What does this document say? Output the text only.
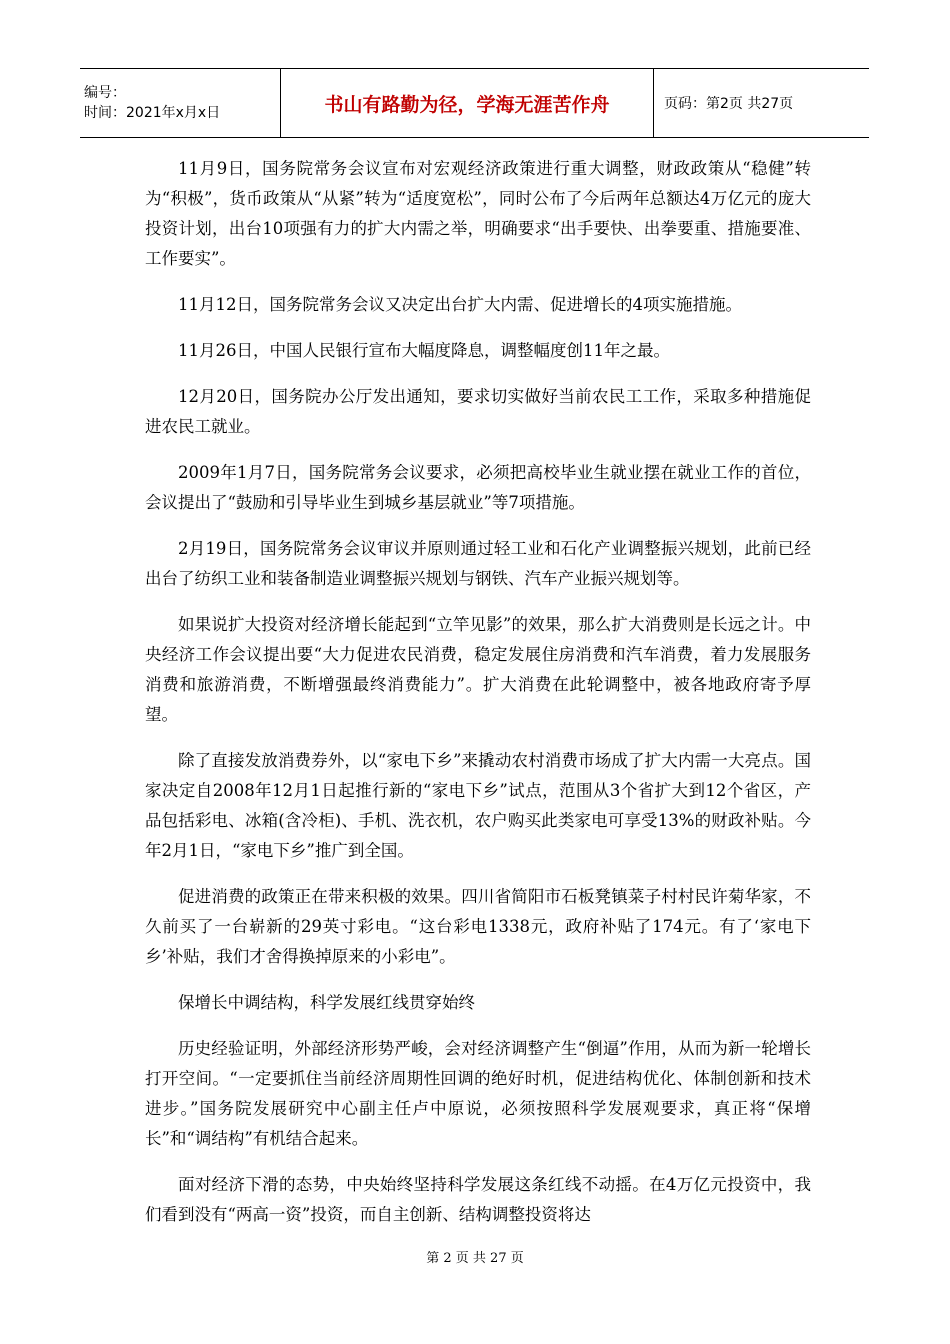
编号：
时间：2021年x月x日	书山有路勤为径，学海无涯苦作舟	页码：第2页 共27页

11月9日，国务院常务会议宣布对宏观经济政策进行重大调整，财政政策从“稳健”转为“积极”，货币政策从“从紧”转为“适度宽松”，同时公布了今后两年总额达4万亿元的庞大投资计划，出台10项强有力的扩大内需之举，明确要求“出手要快、出拳要重、措施要准、工作要实”。

11月12日，国务院常务会议又决定出台扩大内需、促进增长的4项实施措施。

11月26日，中国人民银行宣布大幅度降息，调整幅度创11年之最。

12月20日，国务院办公厅发出通知，要求切实做好当前农民工工作，采取多种措施促进农民工就业。

2009年1月7日，国务院常务会议要求，必须把高校毕业生就业摆在就业工作的首位，会议提出了“鼓励和引导毕业生到城乡基层就业”等7项措施。

2月19日，国务院常务会议审议并原则通过轻工业和石化产业调整振兴规划，此前已经出台了纺织工业和装备制造业调整振兴规划与钢铁、汽车产业振兴规划等。

如果说扩大投资对经济增长能起到“立竿见影”的效果，那么扩大消费则是长远之计。中央经济工作会议提出要“大力促进农民消费，稳定发展住房消费和汽车消费，着力发展服务消费和旅游消费，不断增强最终消费能力”。扩大消费在此轮调整中，被各地政府寄予厚望。

除了直接发放消费券外，以“家电下乡”来撬动农村消费市场成了扩大内需一大亮点。国家决定自2008年12月1日起推行新的“家电下乡”试点，范围从3个省扩大到12个省区，产品包括彩电、冰箱(含冷柜)、手机、洗衣机，农户购买此类家电可享受13%的财政补贴。今年2月1日，“家电下乡”推广到全国。

促进消费的政策正在带来积极的效果。四川省简阳市石板凳镇菜子村村民许菊华家，不久前买了一台崭新的29英寸彩电。“这台彩电1338元，政府补贴了174元。有了‘家电下乡’补贴，我们才舍得换掉原来的小彩电”。

保增长中调结构，科学发展红线贯穿始终

历史经验证明，外部经济形势严峻，会对经济调整产生“倒逼”作用，从而为新一轮增长打开空间。“一定要抓住当前经济周期性回调的绝好时机，促进结构优化、体制创新和技术进步。”国务院发展研究中心副主任卢中原说，必须按照科学发展观要求，真正将“保增长”和“调结构”有机结合起来。

面对经济下滑的态势，中央始终坚持科学发展这条红线不动摇。在4万亿元投资中，我们看到没有“两高一资”投资，而自主创新、结构调整投资将达

第 2 页 共 27 页
